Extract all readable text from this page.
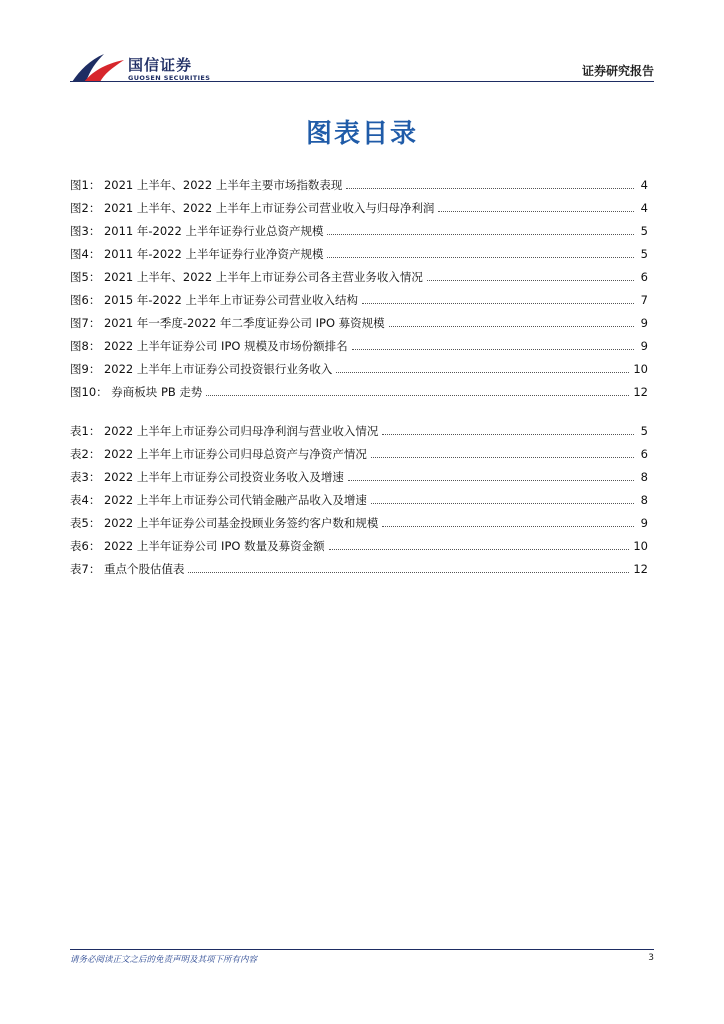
国信证券
GUOSEN SECURITIES	证券研究报告
图表目录
图1： 2021 上半年、2022 上半年主要市场指数表现	4
图2： 2021 上半年、2022 上半年上市证券公司营业收入与归母净利润	4
图3： 2011 年-2022 上半年证券行业总资产规模	5
图4： 2011 年-2022 上半年证券行业净资产规模	5
图5： 2021 上半年、2022 上半年上市证券公司各主营业务收入情况	6
图6： 2015 年-2022 上半年上市证券公司营业收入结构	7
图7： 2021 年一季度-2022 年二季度证券公司 IPO 募资规模	9
图8： 2022 上半年证券公司 IPO 规模及市场份额排名	9
图9： 2022 上半年上市证券公司投资银行业务收入	10
图10： 券商板块 PB 走势	12
表1： 2022 上半年上市证券公司归母净利润与营业收入情况	5
表2： 2022 上半年上市证券公司归母总资产与净资产情况	6
表3： 2022 上半年上市证券公司投资业务收入及增速	8
表4： 2022 上半年上市证券公司代销金融产品收入及增速	8
表5： 2022 上半年证券公司基金投顾业务签约客户数和规模	9
表6： 2022 上半年证券公司 IPO 数量及募资金额	10
表7： 重点个股估值表	12
请务必阅读正文之后的免责声明及其项下所有内容	3
